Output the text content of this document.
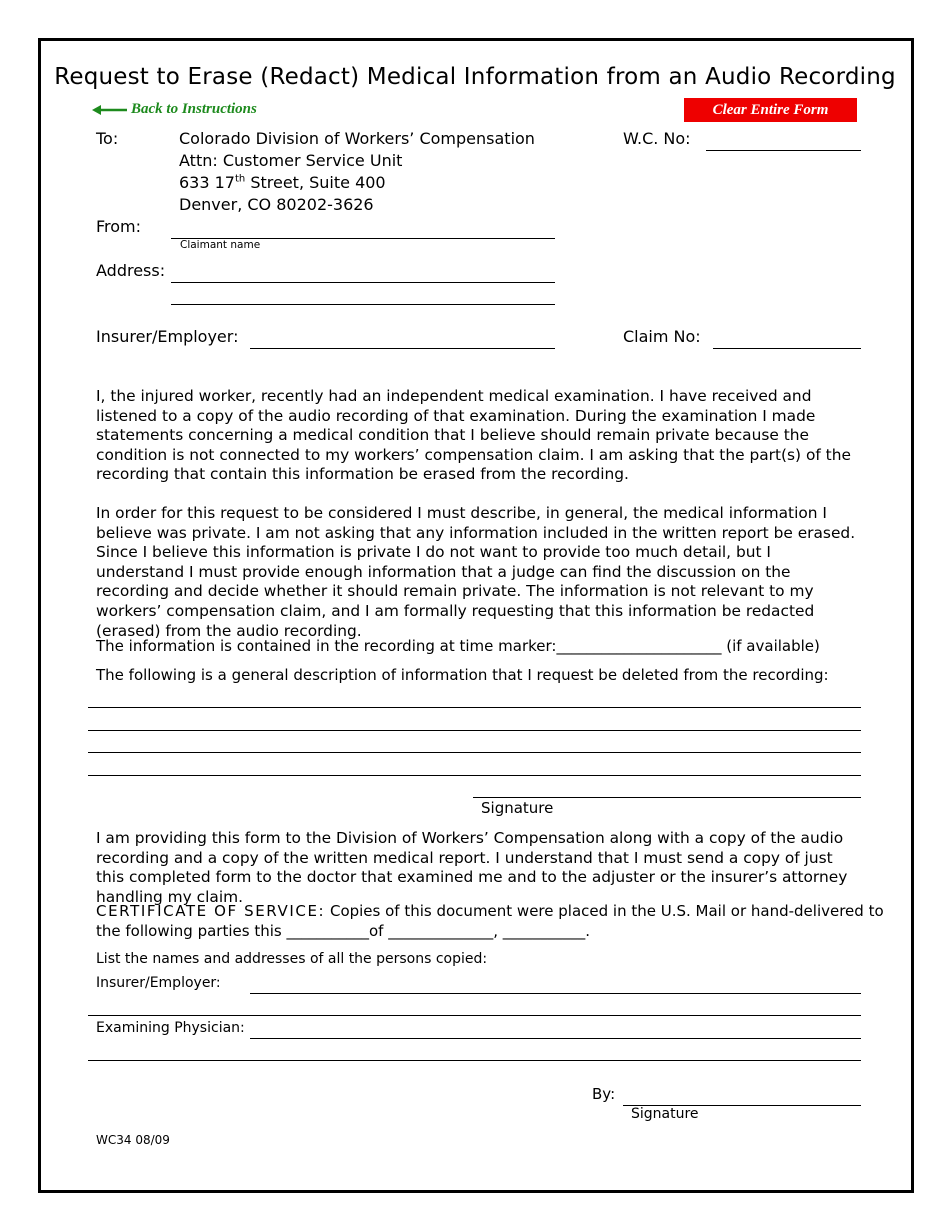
Request to Erase (Redact) Medical Information from an Audio Recording
Back to Instructions	Clear Entire Form
To:	Colorado Division of Workers’ Compensation
Attn: Customer Service Unit
633 17th Street, Suite 400
Denver, CO 80202-3626
W.C. No:
From:
Claimant name
Address:
Insurer/Employer:	Claim No:

I, the injured worker, recently had an independent medical examination. I have received and listened to a copy of the audio recording of that examination. During the examination I made statements concerning a medical condition that I believe should remain private because the condition is not connected to my workers’ compensation claim. I am asking that the part(s) of the recording that contain this information be erased from the recording.

In order for this request to be considered I must describe, in general, the medical information I believe was private. I am not asking that any information included in the written report be erased. Since I believe this information is private I do not want to provide too much detail, but I understand I must provide enough information that a judge can find the discussion on the recording and decide whether it should remain private. The information is not relevant to my workers’ compensation claim, and I am formally requesting that this information be redacted (erased) from the audio recording.

The information is contained in the recording at time marker:______________________ (if available)
The following is a general description of information that I request be deleted from the recording:
Signature

I am providing this form to the Division of Workers’ Compensation along with a copy of the audio recording and a copy of the written medical report. I understand that I must send a copy of just this completed form to the doctor that examined me and to the adjuster or the insurer’s attorney handling my claim.

CERTIFICATE OF SERVICE: Copies of this document were placed in the U.S. Mail or hand-delivered to
the following parties this ___________of ______________, ___________.
List the names and addresses of all the persons copied:
Insurer/Employer:
Examining Physician:
By:
Signature
WC34 08/09
